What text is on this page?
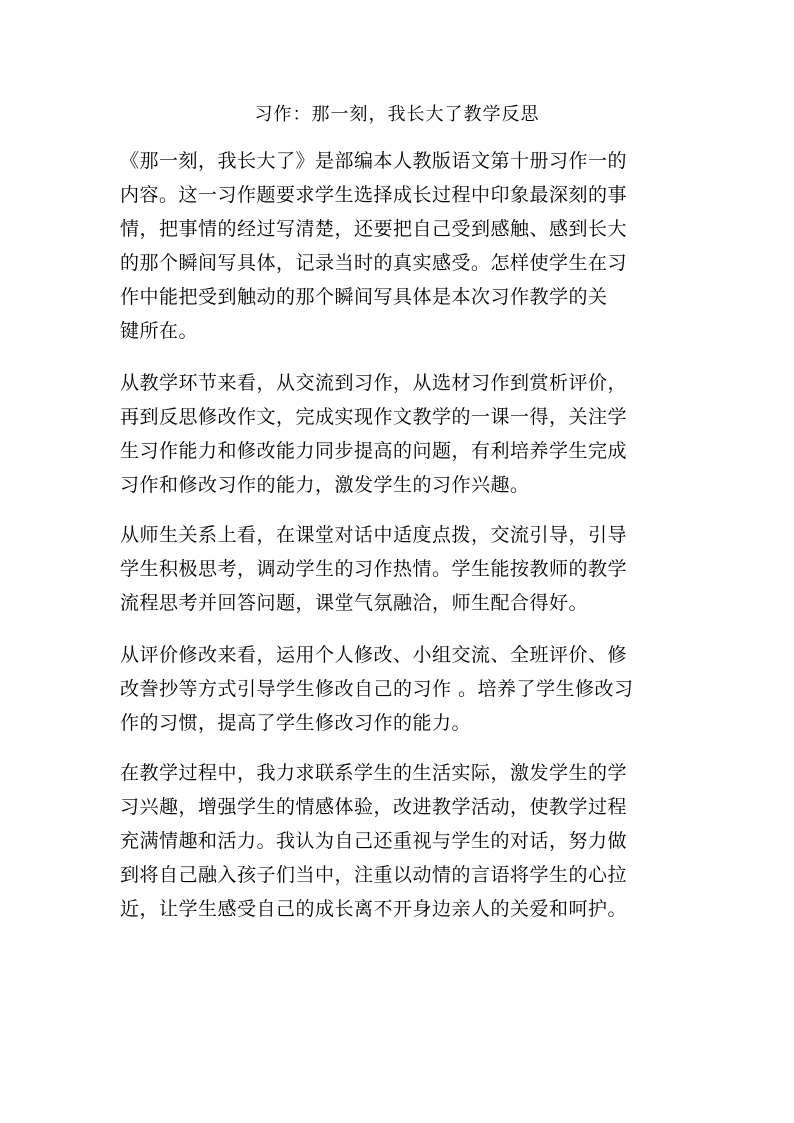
习作：那一刻，我长大了教学反思
《那一刻，我长大了》是部编本人教版语文第十册习作一的
内容。这一习作题要求学生选择成长过程中印象最深刻的事
情，把事情的经过写清楚，还要把自己受到感触、感到长大
的那个瞬间写具体，记录当时的真实感受。怎样使学生在习
作中能把受到触动的那个瞬间写具体是本次习作教学的关
键所在。
从教学环节来看，从交流到习作，从选材习作到赏析评价，
再到反思修改作文，完成实现作文教学的一课一得，关注学
生习作能力和修改能力同步提高的问题，有利培养学生完成
习作和修改习作的能力，激发学生的习作兴趣。
从师生关系上看，在课堂对话中适度点拨，交流引导，引导
学生积极思考，调动学生的习作热情。学生能按教师的教学
流程思考并回答问题，课堂气氛融洽，师生配合得好。
从评价修改来看，运用个人修改、小组交流、全班评价、修
改誊抄等方式引导学生修改自己的习作 。培养了学生修改习
作的习惯，提高了学生修改习作的能力。
在教学过程中，我力求联系学生的生活实际，激发学生的学
习兴趣，增强学生的情感体验，改进教学活动，使教学过程
充满情趣和活力。我认为自己还重视与学生的对话，努力做
到将自己融入孩子们当中，注重以动情的言语将学生的心拉
近，让学生感受自己的成长离不开身边亲人的关爱和呵护。
